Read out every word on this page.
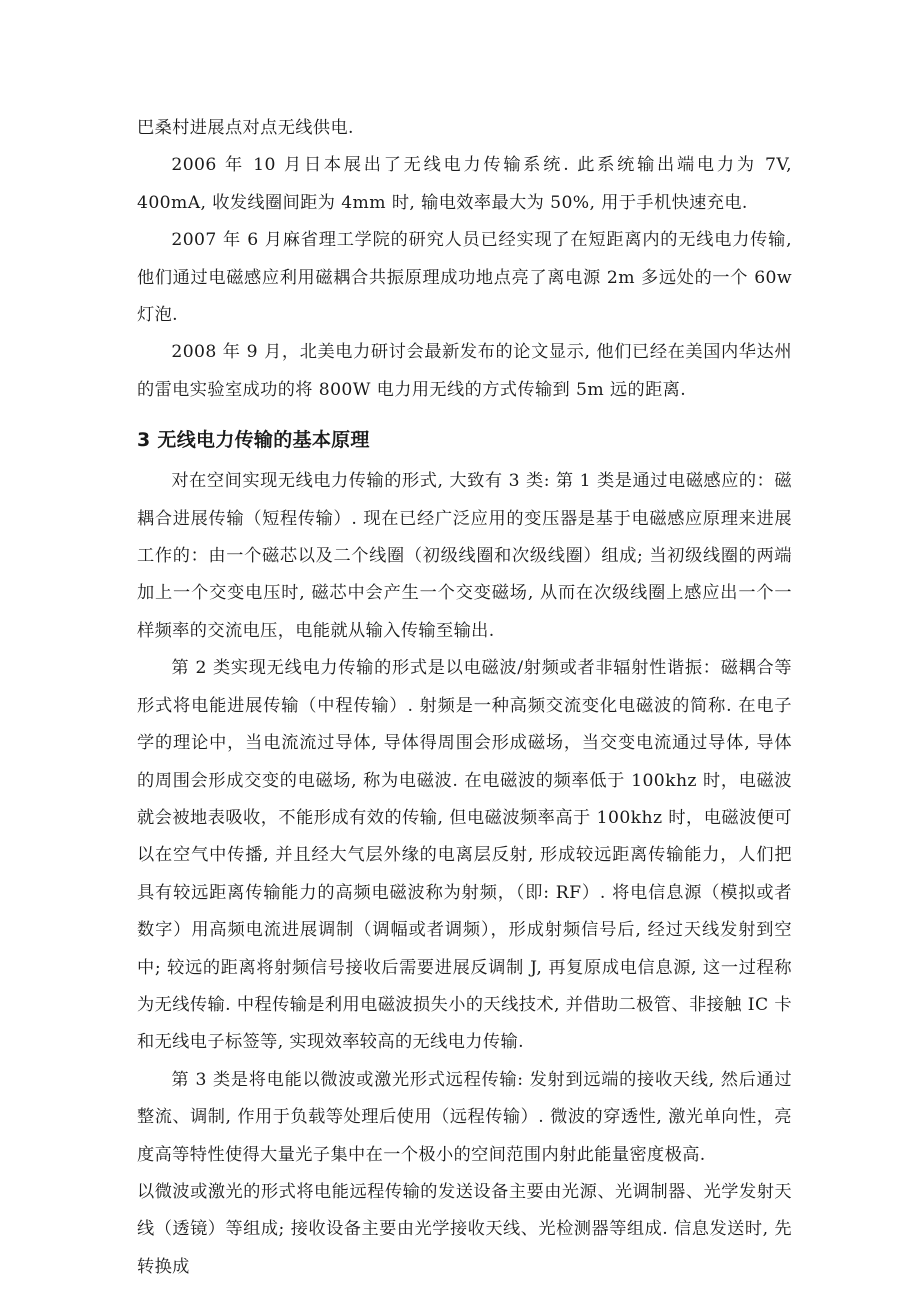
巴桑村进展点对点无线供电.

2006 年 10 月日本展出了无线电力传输系统. 此系统输出端电力为 7V, 400mA, 收发线圈间距为 4mm 时, 输电效率最大为 50%, 用于手机快速充电.

2007 年 6 月麻省理工学院的研究人员已经实现了在短距离内的无线电力传输, 他们通过电磁感应利用磁耦合共振原理成功地点亮了离电源 2m 多远处的一个 60w 灯泡.

2008 年 9 月，北美电力研讨会最新发布的论文显示, 他们已经在美国内华达州的雷电实验室成功的将 800W 电力用无线的方式传输到 5m 远的距离.

3 无线电力传输的基本原理

对在空间实现无线电力传输的形式, 大致有 3 类: 第 1 类是通过电磁感应的：磁耦合进展传输（短程传输）. 现在已经广泛应用的变压器是基于电磁感应原理来进展工作的：由一个磁芯以及二个线圈（初级线圈和次级线圈）组成; 当初级线圈的两端加上一个交变电压时, 磁芯中会产生一个交变磁场, 从而在次级线圈上感应出一个一样频率的交流电压，电能就从输入传输至输出.

第 2 类实现无线电力传输的形式是以电磁波/射频或者非辐射性谐振：磁耦合等形式将电能进展传输（中程传输）. 射频是一种高频交流变化电磁波的简称. 在电子学的理论中，当电流流过导体, 导体得周围会形成磁场，当交变电流通过导体, 导体的周围会形成交变的电磁场, 称为电磁波. 在电磁波的频率低于 100khz 时，电磁波就会被地表吸收，不能形成有效的传输, 但电磁波频率高于 100khz 时，电磁波便可以在空气中传播, 并且经大气层外缘的电离层反射, 形成较远距离传输能力，人们把具有较远距离传输能力的高频电磁波称为射频，（即: RF）. 将电信息源（模拟或者数字）用高频电流进展调制（调幅或者调频），形成射频信号后, 经过天线发射到空中; 较远的距离将射频信号接收后需要进展反调制 J, 再复原成电信息源, 这一过程称为无线传输. 中程传输是利用电磁波损失小的天线技术, 并借助二极管、非接触 IC 卡和无线电子标签等, 实现效率较高的无线电力传输.

第 3 类是将电能以微波或激光形式远程传输: 发射到远端的接收天线, 然后通过整流、调制, 作用于负载等处理后使用（远程传输）. 微波的穿透性, 激光单向性，亮度高等特性使得大量光子集中在一个极小的空间范围内射此能量密度极高.

以微波或激光的形式将电能远程传输的发送设备主要由光源、光调制器、光学发射天线（透镜）等组成; 接收设备主要由光学接收天线、光检测器等组成. 信息发送时, 先转换成
